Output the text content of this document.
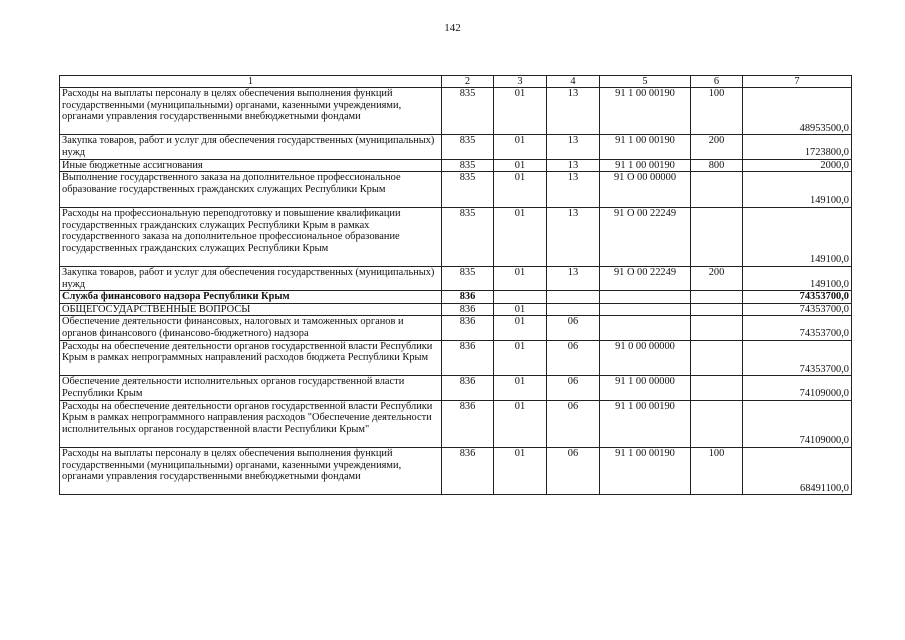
142
1	2	3	4	5	6	7
Расходы на выплаты персоналу в целях обеспечения выполнения функций государственными (муниципальными) органами, казенными учреждениями, органами управления государственными внебюджетными фондами	835	01	13	91 1 00 00190	100	48953500,0
Закупка товаров, работ и услуг для обеспечения государственных (муниципальных) нужд	835	01	13	91 1 00 00190	200	1723800,0
Иные бюджетные ассигнования	835	01	13	91 1 00 00190	800	2000,0
Выполнение государственного заказа на дополнительное профессиональное образование государственных гражданских служащих Республики Крым	835	01	13	91 О 00 00000		149100,0
Расходы на профессиональную переподготовку и повышение квалификации государственных гражданских служащих Республики Крым в рамках государственного заказа на дополнительное профессиональное образование государственных гражданских служащих Республики Крым	835	01	13	91 О 00 22249		149100,0
Закупка товаров, работ и услуг для обеспечения государственных (муниципальных) нужд	835	01	13	91 О 00 22249	200	149100,0
Служба финансового надзора Республики Крым	836					74353700,0
ОБЩЕГОСУДАРСТВЕННЫЕ ВОПРОСЫ	836	01				74353700,0
Обеспечение деятельности финансовых, налоговых и таможенных органов и органов финансового (финансово-бюджетного) надзора	836	01	06			74353700,0
Расходы на обеспечение деятельности органов государственной власти Республики Крым в рамках непрограммных направлений расходов бюджета Республики Крым	836	01	06	91 0 00 00000		74353700,0
Обеспечение деятельности исполнительных органов государственной власти Республики Крым	836	01	06	91 1 00 00000		74109000,0
Расходы на обеспечение деятельности органов государственной власти Республики Крым в рамках непрограммного направления расходов "Обеспечение деятельности исполнительных органов государственной власти Республики Крым"	836	01	06	91 1 00 00190		74109000,0
Расходы на выплаты персоналу в целях обеспечения выполнения функций государственными (муниципальными) органами, казенными учреждениями, органами управления государственными внебюджетными фондами	836	01	06	91 1 00 00190	100	68491100,0
